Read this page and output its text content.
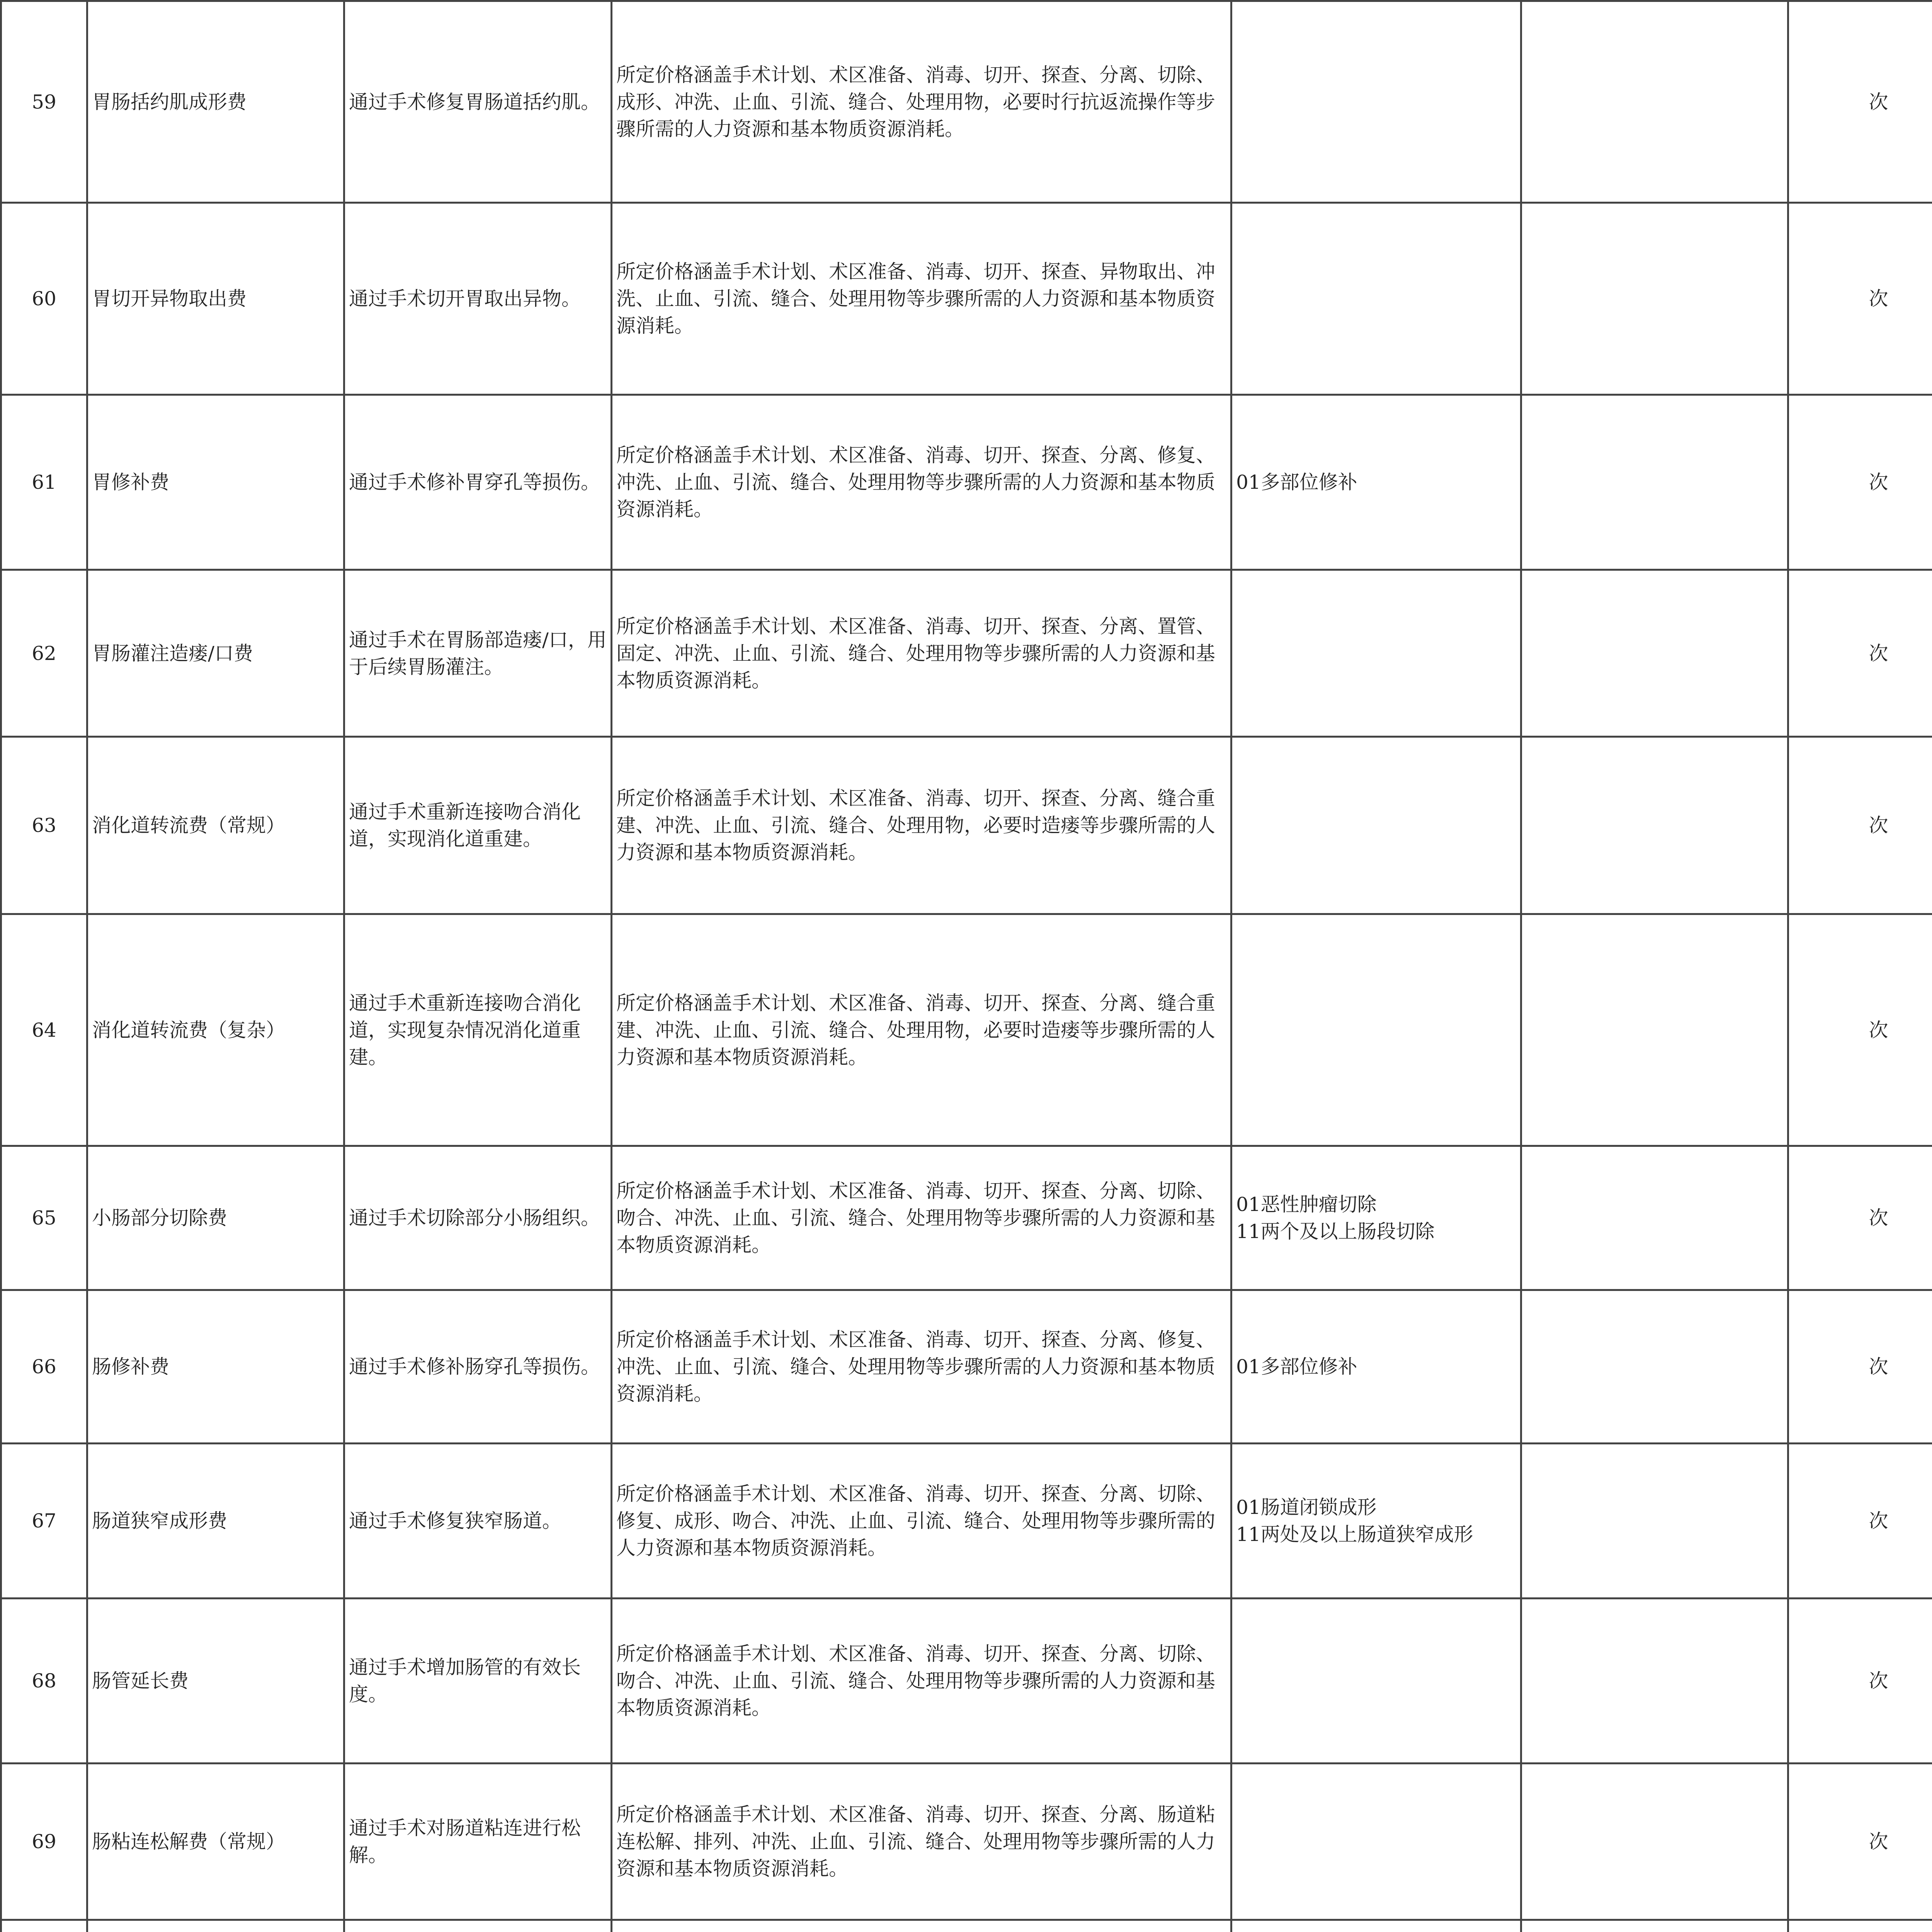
59	胃肠括约肌成形费	通过手术修复胃肠道括约肌。	所定价格涵盖手术计划、术区准备、消毒、切开、探查、分离、切除、成形、冲洗、止血、引流、缝合、处理用物，必要时行抗返流操作等步骤所需的人力资源和基本物质资源消耗。			次	
60	胃切开异物取出费	通过手术切开胃取出异物。	所定价格涵盖手术计划、术区准备、消毒、切开、探查、异物取出、冲洗、止血、引流、缝合、处理用物等步骤所需的人力资源和基本物质资源消耗。			次	
61	胃修补费	通过手术修补胃穿孔等损伤。	所定价格涵盖手术计划、术区准备、消毒、切开、探查、分离、修复、冲洗、止血、引流、缝合、处理用物等步骤所需的人力资源和基本物质资源消耗。	01多部位修补		次	

62	胃肠灌注造瘘/口费	通过手术在胃肠部造瘘/口，用于后续胃肠灌注。	所定价格涵盖手术计划、术区准备、消毒、切开、探查、分离、置管、固定、冲洗、止血、引流、缝合、处理用物等步骤所需的人力资源和基本物质资源消耗。			次	
63	消化道转流费（常规）	通过手术重新连接吻合消化道，实现消化道重建。	所定价格涵盖手术计划、术区准备、消毒、切开、探查、分离、缝合重建、冲洗、止血、引流、缝合、处理用物，必要时造瘘等步骤所需的人力资源和基本物质资源消耗。			次	

64	消化道转流费（复杂）	通过手术重新连接吻合消化道，实现复杂情况消化道重建。	所定价格涵盖手术计划、术区准备、消毒、切开、探查、分离、缝合重建、冲洗、止血、引流、缝合、处理用物，必要时造瘘等步骤所需的人力资源和基本物质资源消耗。			次	

65	小肠部分切除费	通过手术切除部分小肠组织。	所定价格涵盖手术计划、术区准备、消毒、切开、探查、分离、切除、吻合、冲洗、止血、引流、缝合、处理用物等步骤所需的人力资源和基本物质资源消耗。	01恶性肿瘤切除
11两个及以上肠段切除		次	
66	肠修补费	通过手术修补肠穿孔等损伤。	所定价格涵盖手术计划、术区准备、消毒、切开、探查、分离、修复、冲洗、止血、引流、缝合、处理用物等步骤所需的人力资源和基本物质资源消耗。	01多部位修补		次	

67	肠道狭窄成形费	通过手术修复狭窄肠道。	所定价格涵盖手术计划、术区准备、消毒、切开、探查、分离、切除、修复、成形、吻合、冲洗、止血、引流、缝合、处理用物等步骤所需的人力资源和基本物质资源消耗。	01肠道闭锁成形
11两处及以上肠道狭窄成形		次	
68	肠管延长费	通过手术增加肠管的有效长度。	所定价格涵盖手术计划、术区准备、消毒、切开、探查、分离、切除、吻合、冲洗、止血、引流、缝合、处理用物等步骤所需的人力资源和基本物质资源消耗。			次	
69	肠粘连松解费（常规）	通过手术对肠道粘连进行松解。	所定价格涵盖手术计划、术区准备、消毒、切开、探查、分离、肠道粘连松解、排列、冲洗、止血、引流、缝合、处理用物等步骤所需的人力资源和基本物质资源消耗。			次	
